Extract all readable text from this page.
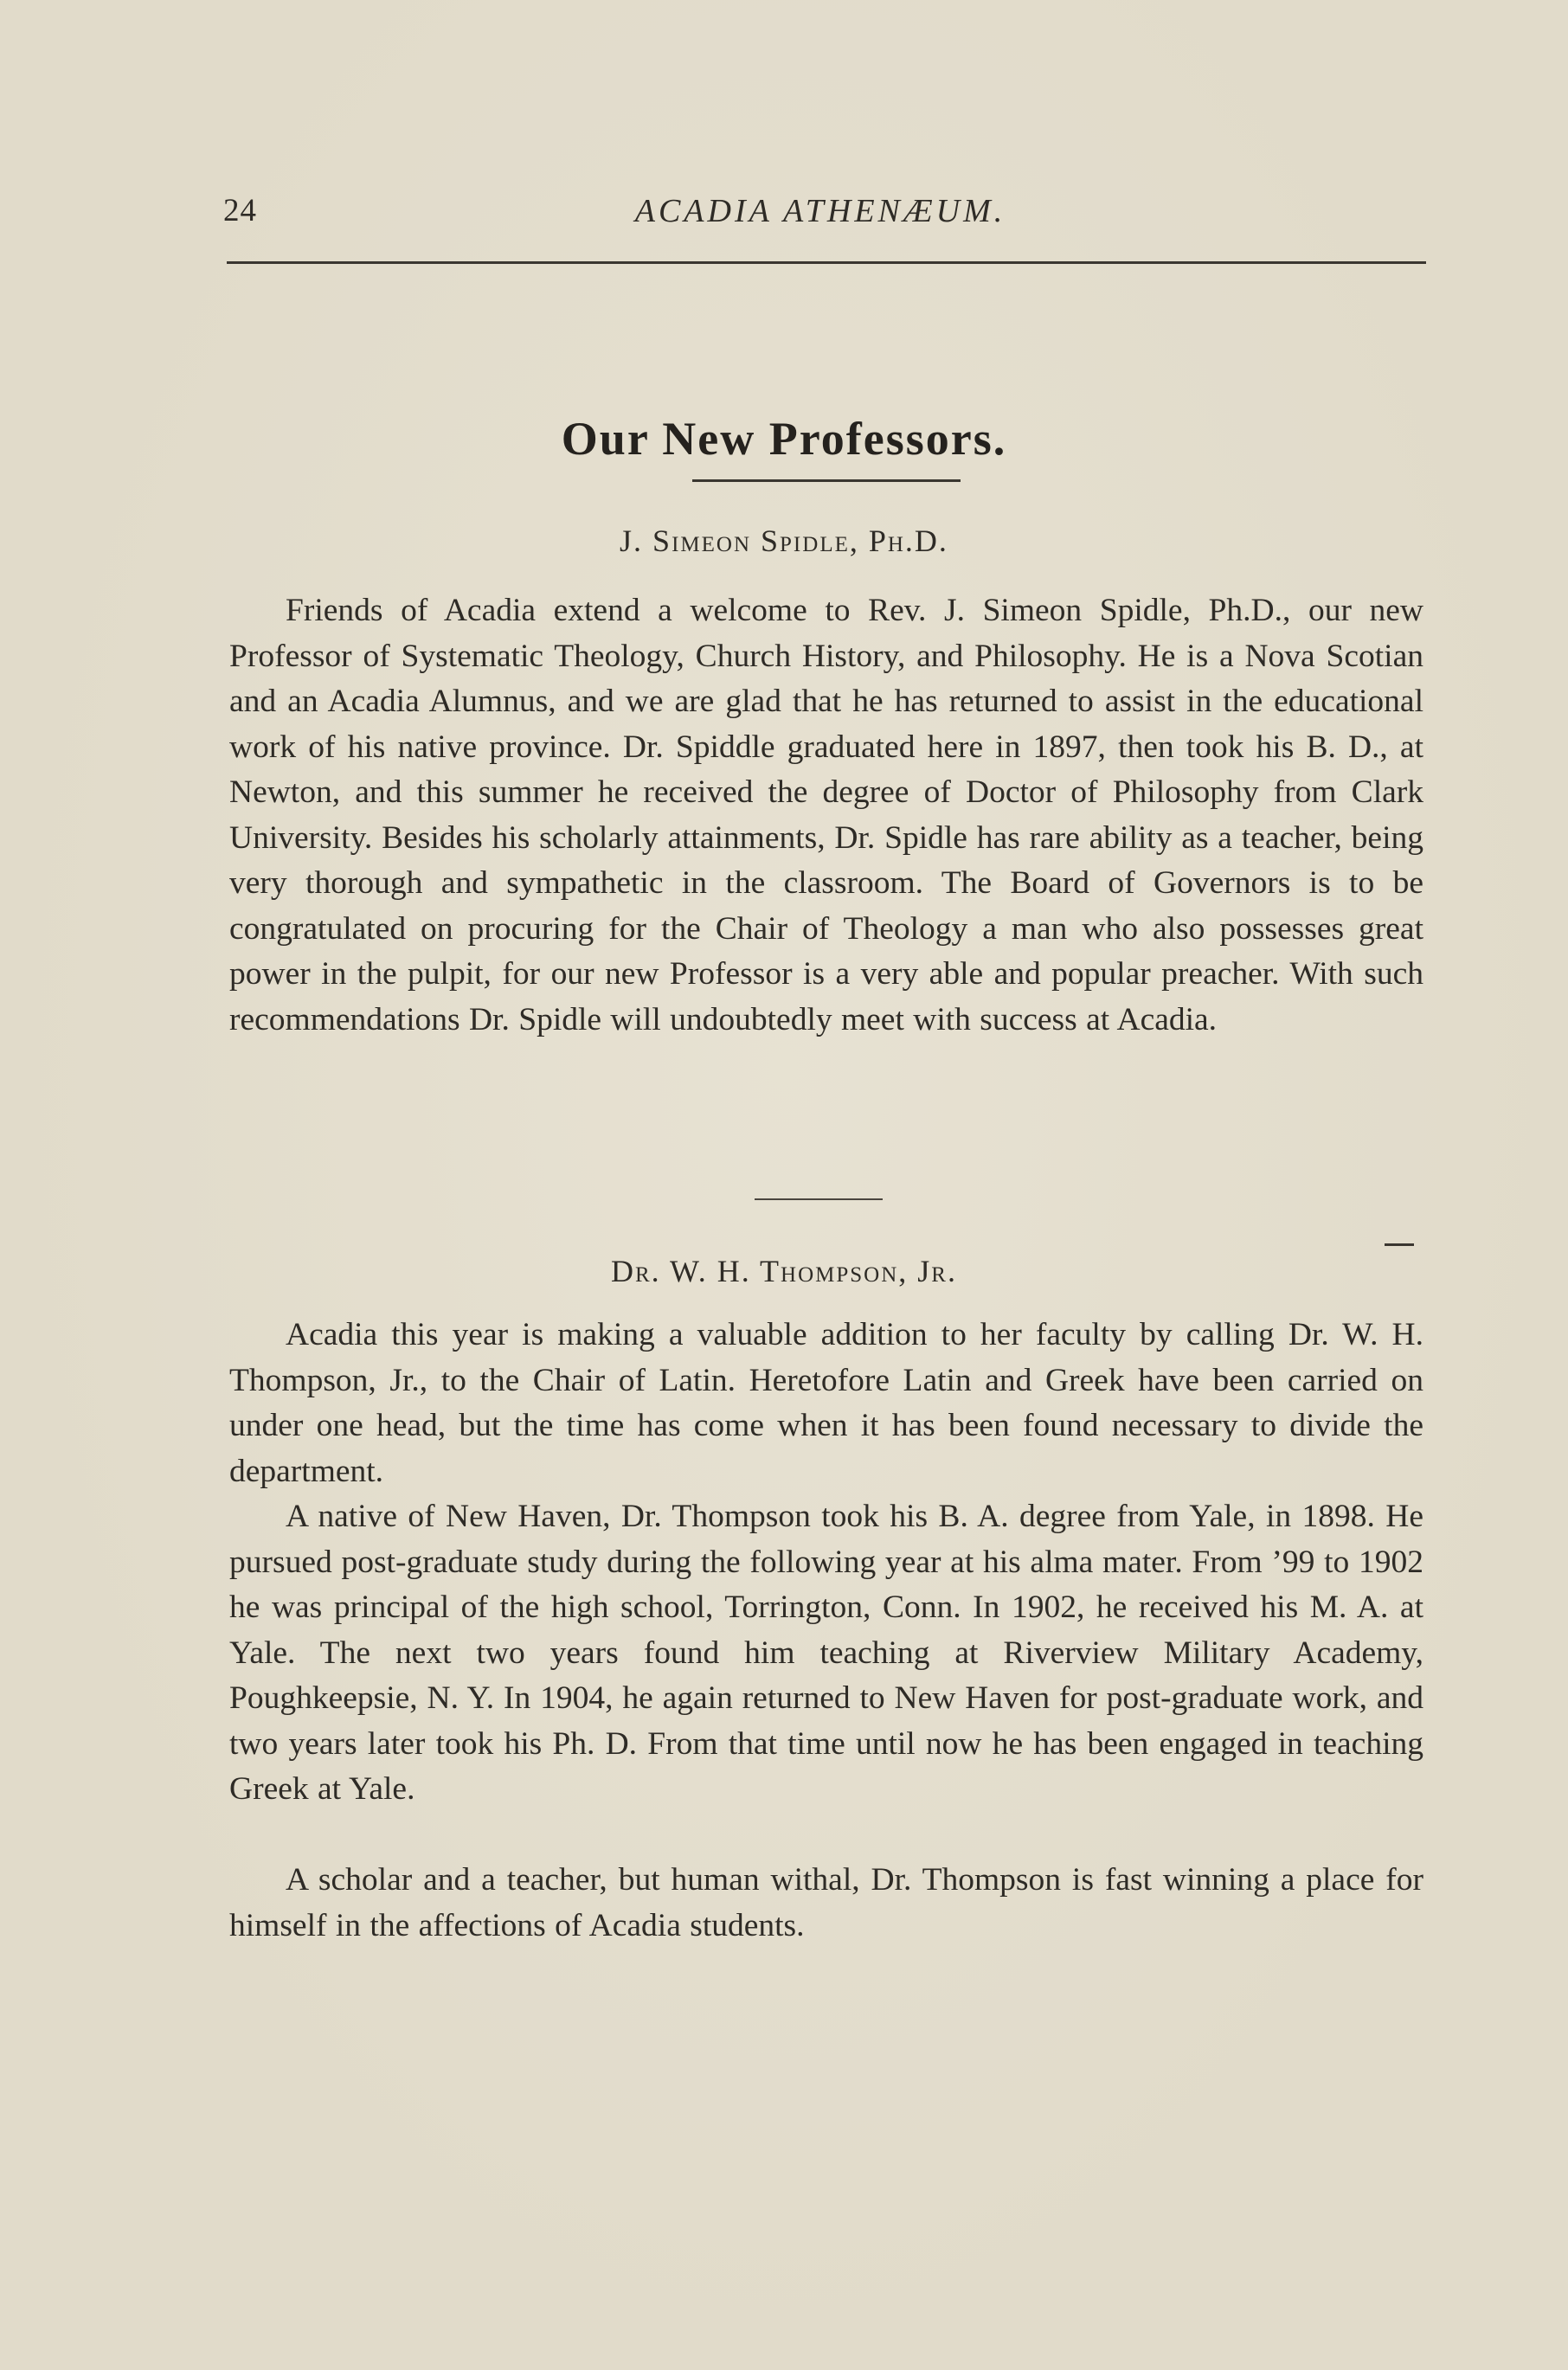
24	ACADIA ATHENÆUM.
Our New Professors.
J. Simeon Spidle, Ph.D.

Friends of Acadia extend a welcome to Rev. J. Simeon Spidle, Ph.D., our new Professor of Systematic Theology, Church History, and Philosophy. He is a Nova Scotian and an Acadia Alumnus, and we are glad that he has returned to assist in the educational work of his native province. Dr. Spiddle graduated here in 1897, then took his B. D., at Newton, and this summer he received the degree of Doctor of Philosophy from Clark University. Besides his scholarly attainments, Dr. Spidle has rare ability as a teacher, being very thorough and sympathetic in the classroom. The Board of Governors is to be congratulated on procuring for the Chair of Theology a man who also possesses great power in the pulpit, for our new Professor is a very able and popular preacher. With such recommendations Dr. Spidle will undoubtedly meet with success at Acadia.

Dr. W. H. Thompson, Jr.

Acadia this year is making a valuable addition to her faculty by calling Dr. W. H. Thompson, Jr., to the Chair of Latin. Heretofore Latin and Greek have been carried on under one head, but the time has come when it has been found necessary to divide the department.

A native of New Haven, Dr. Thompson took his B. A. degree from Yale, in 1898. He pursued post-graduate study during the following year at his alma mater. From ’99 to 1902 he was principal of the high school, Torrington, Conn. In 1902, he received his M. A. at Yale. The next two years found him teaching at Riverview Military Academy, Poughkeepsie, N. Y. In 1904, he again returned to New Haven for post-graduate work, and two years later took his Ph. D. From that time until now he has been engaged in teaching Greek at Yale.

A scholar and a teacher, but human withal, Dr. Thompson is fast winning a place for himself in the affections of Acadia students.
